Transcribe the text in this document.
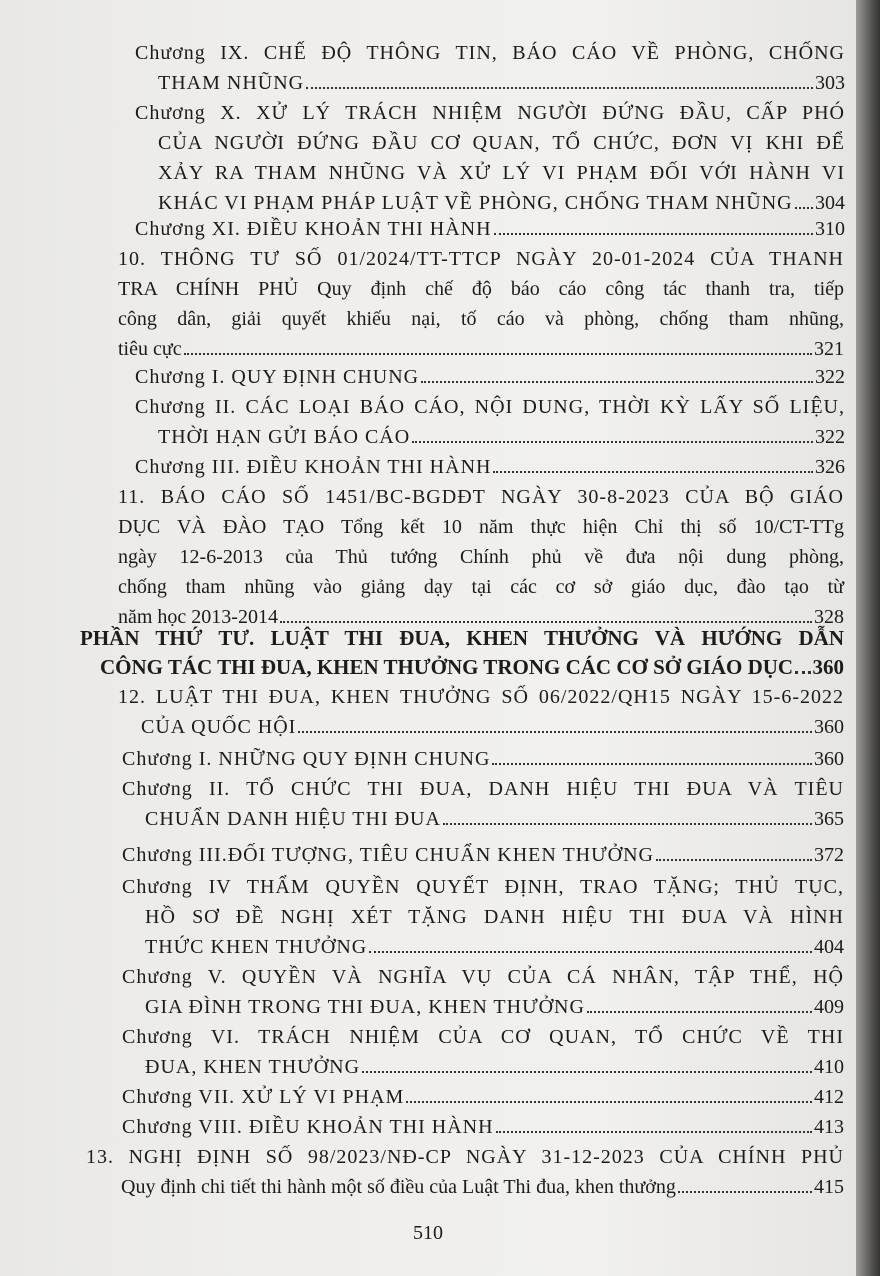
Chương IX. CHẾ ĐỘ THÔNG TIN, BÁO CÁO VỀ PHÒNG, CHỐNG
THAM NHŨNG	303
Chương X. XỬ LÝ TRÁCH NHIỆM NGƯỜI ĐỨNG ĐẦU, CẤP PHÓ
CỦA NGƯỜI ĐỨNG ĐẦU CƠ QUAN, TỔ CHỨC, ĐƠN VỊ KHI ĐỂ
XẢY RA THAM NHŨNG VÀ XỬ LÝ VI PHẠM ĐỐI VỚI HÀNH VI
KHÁC VI PHẠM PHÁP LUẬT VỀ PHÒNG, CHỐNG THAM NHŨNG 304
Chương XI. ĐIỀU KHOẢN THI HÀNH	310
10. THÔNG TƯ SỐ 01/2024/TT-TTCP NGÀY 20-01-2024 CỦA THANH
TRA CHÍNH PHỦ Quy định chế độ báo cáo công tác thanh tra, tiếp
công dân, giải quyết khiếu nại, tố cáo và phòng, chống tham nhũng,
tiêu cực	321
Chương I. QUY ĐỊNH CHUNG	322
Chương II. CÁC LOẠI BÁO CÁO, NỘI DUNG, THỜI KỲ LẤY SỐ LIỆU,
THỜI HẠN GỬI BÁO CÁO	322
Chương III. ĐIỀU KHOẢN THI HÀNH	326
11. BÁO CÁO SỐ 1451/BC-BGDĐT NGÀY 30-8-2023 CỦA BỘ GIÁO
DỤC VÀ ĐÀO TẠO Tổng kết 10 năm thực hiện Chỉ thị số 10/CT-TTg
ngày 12-6-2013 của Thủ tướng Chính phủ về đưa nội dung phòng,
chống tham nhũng vào giảng dạy tại các cơ sở giáo dục, đào tạo từ
năm học 2013-2014	328
PHẦN THỨ TƯ. LUẬT THI ĐUA, KHEN THƯỞNG VÀ HƯỚNG DẪN
CÔNG TÁC THI ĐUA, KHEN THƯỞNG TRONG CÁC CƠ SỞ GIÁO DỤC 360
12. LUẬT THI ĐUA, KHEN THƯỞNG SỐ 06/2022/QH15 NGÀY 15-6-2022
CỦA QUỐC HỘI	360
Chương I. NHỮNG QUY ĐỊNH CHUNG	360
Chương II. TỔ CHỨC THI ĐUA, DANH HIỆU THI ĐUA VÀ TIÊU
CHUẨN DANH HIỆU THI ĐUA	365
Chương III.ĐỐI TƯỢNG, TIÊU CHUẨN KHEN THƯỞNG	372
Chương IV THẨM QUYỀN QUYẾT ĐỊNH, TRAO TẶNG; THỦ TỤC,
HỒ SƠ ĐỀ NGHỊ XÉT TẶNG DANH HIỆU THI ĐUA VÀ HÌNH
THỨC KHEN THƯỞNG	404
Chương V. QUYỀN VÀ NGHĨA VỤ CỦA CÁ NHÂN, TẬP THỂ, HỘ
GIA ĐÌNH TRONG THI ĐUA, KHEN THƯỞNG	409
Chương VI. TRÁCH NHIỆM CỦA CƠ QUAN, TỔ CHỨC VỀ THI
ĐUA, KHEN THƯỞNG	410
Chương VII. XỬ LÝ VI PHẠM	412
Chương VIII. ĐIỀU KHOẢN THI HÀNH	413
13. NGHỊ ĐỊNH SỐ 98/2023/NĐ-CP NGÀY 31-12-2023 CỦA CHÍNH PHỦ
Quy định chi tiết thi hành một số điều của Luật Thi đua, khen thưởng	415
510
